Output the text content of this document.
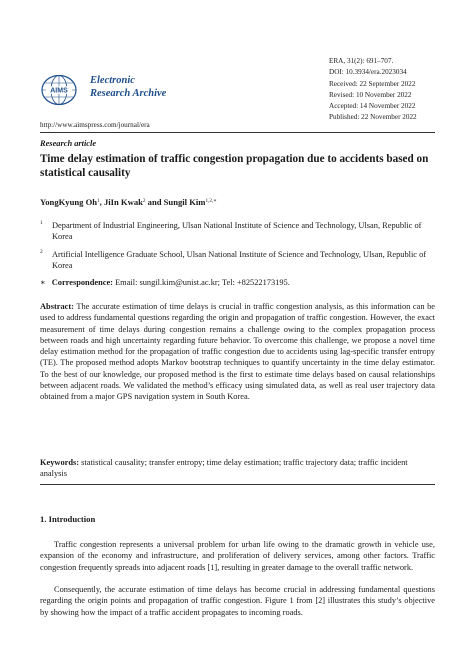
AIMS
Electronic
Research Archive
http://www.aimspress.com/journal/era
ERA, 31(2): 691–707.
DOI: 10.3934/era.2023034
Received: 22 September 2022
Revised: 10 November 2022
Accepted: 14 November 2022
Published: 22 November 2022
Research article
Time delay estimation of traffic congestion propagation due to accidents based on statistical causality
YongKyung Oh$^1$, JiIn Kwak$^2$ and Sungil Kim$^{1,2,∗}$
1 Department of Industrial Engineering, Ulsan National Institute of Science and Technology, Ulsan, Republic of Korea
2 Artificial Intelligence Graduate School, Ulsan National Institute of Science and Technology, Ulsan, Republic of Korea
∗ Correspondence: Email: sungil.kim@unist.ac.kr; Tel: +82522173195.
Abstract: The accurate estimation of time delays is crucial in traffic congestion analysis, as this information can be used to address fundamental questions regarding the origin and propagation of traffic congestion. However, the exact measurement of time delays during congestion remains a challenge owing to the complex propagation process between roads and high uncertainty regarding future behavior. To overcome this challenge, we propose a novel time delay estimation method for the propagation of traffic congestion due to accidents using lag-specific transfer entropy (TE). The proposed method adopts Markov bootstrap techniques to quantify uncertainty in the time delay estimator. To the best of our knowledge, our proposed method is the first to estimate time delays based on causal relationships between adjacent roads. We validated the method’s efficacy using simulated data, as well as real user trajectory data obtained from a major GPS navigation system in South Korea.
Keywords: statistical causality; transfer entropy; time delay estimation; traffic trajectory data; traffic incident analysis
1. Introduction
Traffic congestion represents a universal problem for urban life owing to the dramatic growth in vehicle use, expansion of the economy and infrastructure, and proliferation of delivery services, among other factors. Traffic congestion frequently spreads into adjacent roads [1], resulting in greater damage to the overall traffic network.
Consequently, the accurate estimation of time delays has become crucial in addressing fundamental questions regarding the origin points and propagation of traffic congestion. Figure 1 from [2] illustrates this study’s objective by showing how the impact of a traffic accident propagates to incoming roads.
